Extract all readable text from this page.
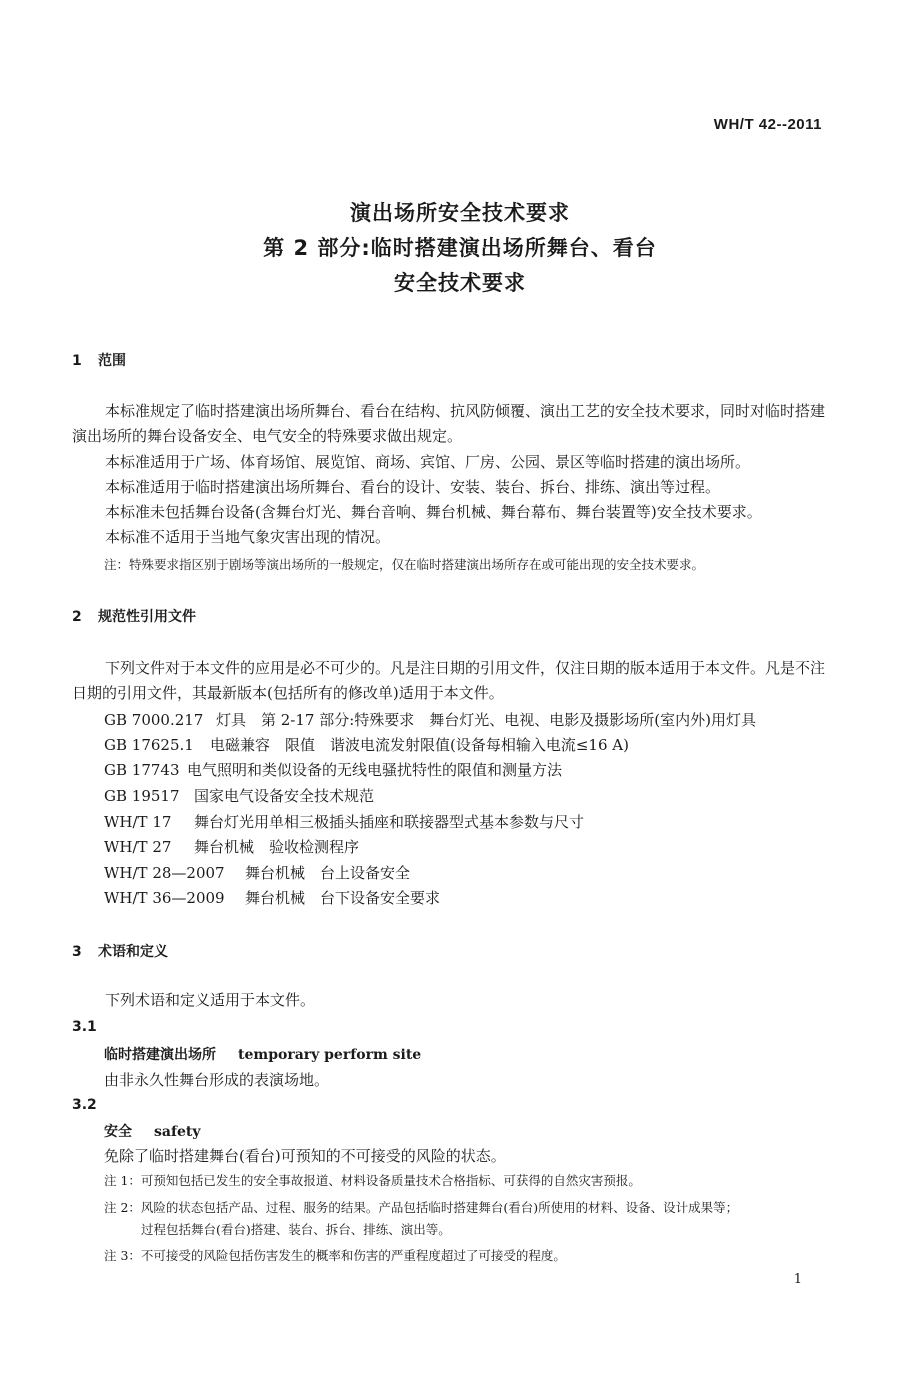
WH/T 42--2011
演出场所安全技术要求
第 2 部分:临时搭建演出场所舞台、看台
安全技术要求
1 范围
本标准规定了临时搭建演出场所舞台、看台在结构、抗风防倾覆、演出工艺的安全技术要求，同时对临时搭建演出场所的舞台设备安全、电气安全的特殊要求做出规定。
本标准适用于广场、体育场馆、展览馆、商场、宾馆、厂房、公园、景区等临时搭建的演出场所。
本标准适用于临时搭建演出场所舞台、看台的设计、安装、装台、拆台、排练、演出等过程。
本标准未包括舞台设备(含舞台灯光、舞台音响、舞台机械、舞台幕布、舞台装置等)安全技术要求。
本标准不适用于当地气象灾害出现的情况。
注：特殊要求指区别于剧场等演出场所的一般规定，仅在临时搭建演出场所存在或可能出现的安全技术要求。
2 规范性引用文件
下列文件对于本文件的应用是必不可少的。凡是注日期的引用文件，仅注日期的版本适用于本文件。凡是不注日期的引用文件，其最新版本(包括所有的修改单)适用于本文件。
GB 7000.217 灯具　第 2-17 部分:特殊要求　舞台灯光、电视、电影及摄影场所(室内外)用灯具
GB 17625.1 电磁兼容　限值　谐波电流发射限值(设备每相输入电流≤16 A)
GB 17743 电气照明和类似设备的无线电骚扰特性的限值和测量方法
GB 19517 国家电气设备安全技术规范
WH/T 17 舞台灯光用单相三极插头插座和联接器型式基本参数与尺寸
WH/T 27 舞台机械　验收检测程序
WH/T 28—2007 舞台机械　台上设备安全
WH/T 36—2009 舞台机械　台下设备安全要求
3 术语和定义
下列术语和定义适用于本文件。
3.1
临时搭建演出场所 temporary perform site
由非永久性舞台形成的表演场地。
3.2
安全 safety
免除了临时搭建舞台(看台)可预知的不可接受的风险的状态。
注 1：可预知包括已发生的安全事故报道、材料设备质量技术合格指标、可获得的自然灾害预报。
注 2：风险的状态包括产品、过程、服务的结果。产品包括临时搭建舞台(看台)所使用的材料、设备、设计成果等；
过程包括舞台(看台)搭建、装台、拆台、排练、演出等。
注 3：不可接受的风险包括伤害发生的概率和伤害的严重程度超过了可接受的程度。
1
